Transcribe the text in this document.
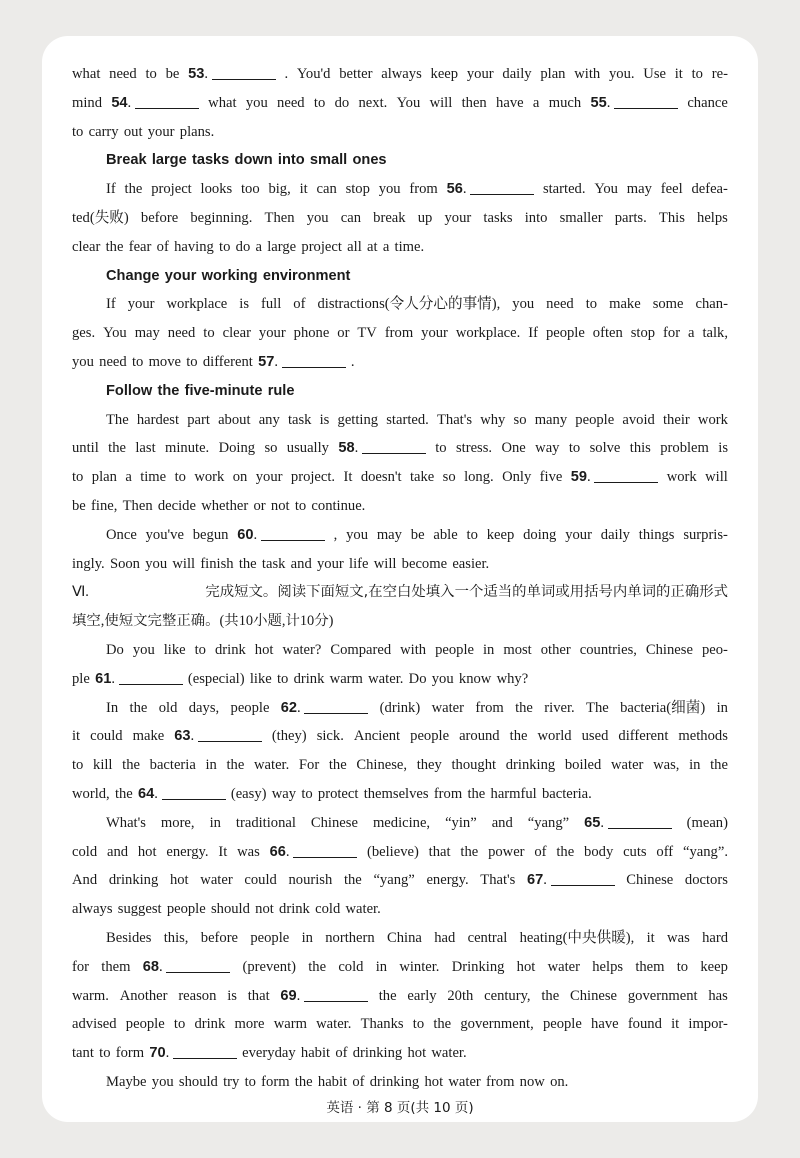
what need to be 53.	. You'd better always keep your daily plan with you. Use it to re-
mind 54.	what you need to do next. You will then have a much 55.	chance
to carry out your plans.
Break large tasks down into small ones
If the project looks too big, it can stop you from 56.	started. You may feel defea-
ted(失败) before beginning. Then you can break up your tasks into smaller parts. This helps
clear the fear of having to do a large project all at a time.
Change your working environment
If your workplace is full of distractions(令人分心的事情), you need to make some chan-
ges. You may need to clear your phone or TV from your workplace. If people often stop for a talk,
you need to move to different 57.	.
Follow the five-minute rule
The hardest part about any task is getting started. That's why so many people avoid their work
until the last minute. Doing so usually 58.	to stress. One way to solve this problem is
to plan a time to work on your project. It doesn't take so long. Only five 59.	work will
be fine, Then decide whether or not to continue.
Once you've begun 60.	, you may be able to keep doing your daily things surpris-
ingly. Soon you will finish the task and your life will become easier.
Ⅵ.	完成短文。阅读下面短文,在空白处填入一个适当的单词或用括号内单词的正确形式
填空,使短文完整正确。(共10小题,计10分)
Do you like to drink hot water? Compared with people in most other countries, Chinese peo-
ple 61.	(especial) like to drink warm water. Do you know why?
In the old days, people 62.	(drink) water from the river. The bacteria(细菌) in
it could make 63.	(they) sick. Ancient people around the world used different methods
to kill the bacteria in the water. For the Chinese, they thought drinking boiled water was, in the
world, the 64.	(easy) way to protect themselves from the harmful bacteria.
What's more, in traditional Chinese medicine, “yin” and “yang” 65.	(mean)
cold and hot energy. It was 66.	(believe) that the power of the body cuts off “yang”.
And drinking hot water could nourish the “yang” energy. That's 67.	Chinese doctors
always suggest people should not drink cold water.
Besides this, before people in northern China had central heating(中央供暖), it was hard
for them 68.	(prevent) the cold in winter. Drinking hot water helps them to keep
warm. Another reason is that 69.	the early 20th century, the Chinese government has
advised people to drink more warm water. Thanks to the government, people have found it impor-
tant to form 70.	everyday habit of drinking hot water.
Maybe you should try to form the habit of drinking hot water from now on.
英语 · 第 8 页(共 10 页)
